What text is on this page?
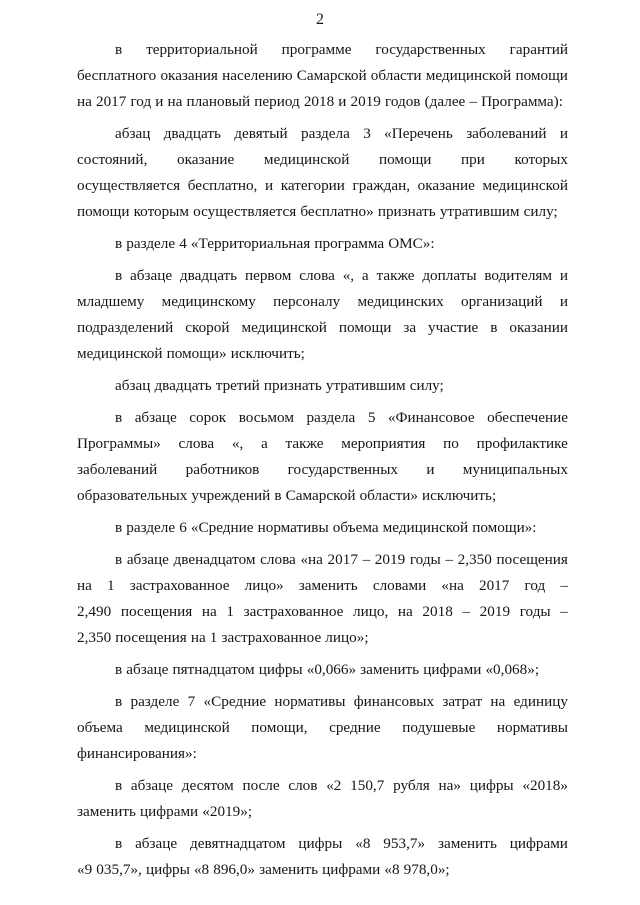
2
в территориальной программе государственных гарантий
бесплатного оказания населению Самарской области медицинской помощи
на 2017 год и на плановый период 2018 и 2019 годов (далее – Программа):
абзац двадцать девятый раздела 3 «Перечень заболеваний и
состояний, оказание медицинской помощи при которых
осуществляется бесплатно, и категории граждан, оказание медицинской
помощи которым осуществляется бесплатно» признать утратившим силу;
в разделе 4 «Территориальная программа ОМС»:
в абзаце двадцать первом слова «, а также доплаты водителям и
младшему медицинскому персоналу медицинских организаций и
подразделений скорой медицинской помощи за участие в оказании
медицинской помощи» исключить;
абзац двадцать третий признать утратившим силу;
в абзаце сорок восьмом раздела 5 «Финансовое обеспечение
Программы» слова «, а также мероприятия по профилактике
заболеваний работников государственных и муниципальных
образовательных учреждений в Самарской области» исключить;
в разделе 6 «Средние нормативы объема медицинской помощи»:
в абзаце двенадцатом слова «на 2017 – 2019 годы – 2,350 посещения
на 1 застрахованное лицо» заменить словами «на 2017 год –
2,490 посещения на 1 застрахованное лицо, на 2018 – 2019 годы –
2,350 посещения на 1 застрахованное лицо»;
в абзаце пятнадцатом цифры «0,066» заменить цифрами «0,068»;
в разделе 7 «Средние нормативы финансовых затрат на единицу
объема медицинской помощи, средние подушевые нормативы
финансирования»:
в абзаце десятом после слов «2 150,7 рубля на» цифры «2018»
заменить цифрами «2019»;
в абзаце девятнадцатом цифры «8 953,7» заменить цифрами
«9 035,7», цифры «8 896,0» заменить цифрами «8 978,0»;
